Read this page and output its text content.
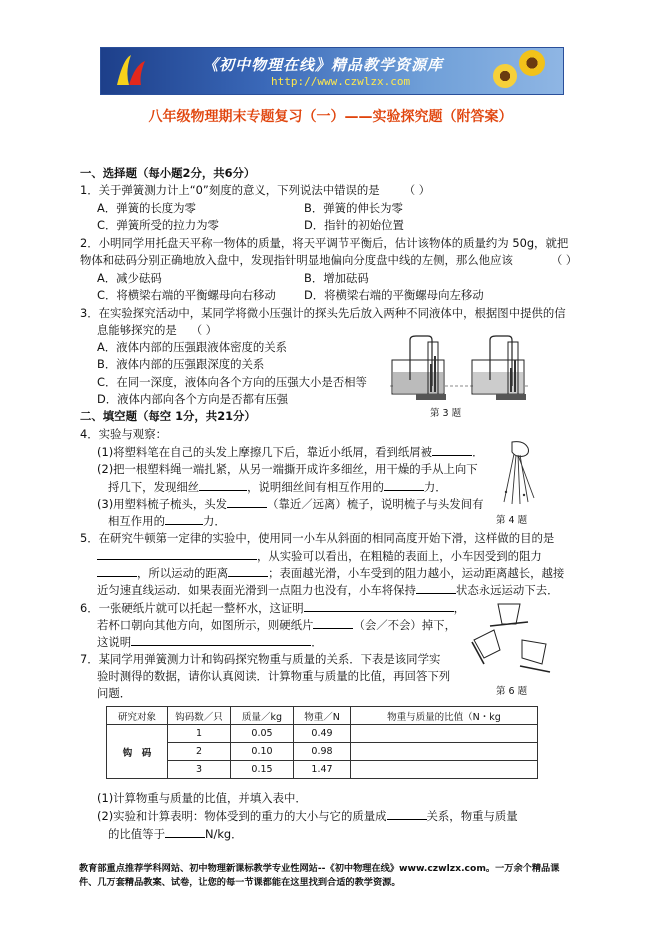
《初中物理在线》精品教学资源库
http://www.czwlzx.com
八年级物理期末专题复习（一）——实验探究题（附答案）
一、选择题（每小题2分，共6分）
1．关于弹簧测力计上“0”刻度的意义，下列说法中错误的是 （ ）
A．弹簧的长度为零	B．弹簧的伸长为零
C．弹簧所受的拉力为零	D．指针的初始位置
2．小明同学用托盘天平称一物体的质量，将天平调节平衡后，估计该物体的质量约为 50g，就把
物体和砝码分别正确地放入盘中，发现指针明显地偏向分度盘中线的左侧，那么他应该	（ ）
A．减少砝码	B．增加砝码
C．将横梁右端的平衡螺母向右移动 D．将横梁右端的平衡螺母向左移动
3．在实验探究活动中，某同学将微小压强计的探头先后放入两种不同液体中，根据图中提供的信
息能够探究的是 （ ）
A．液体内部的压强跟液体密度的关系
B．液体内部的压强跟深度的关系
C．在同一深度，液体向各个方向的压强大小是否相等
D．液体内部向各个方向是否都有压强
第 3 题
二、填空题（每空 1分，共21分）
4．实验与观察：
(1)将塑料笔在自己的头发上摩擦几下后，靠近小纸屑，看到纸屑被	．
(2)把一根塑料绳一端扎紧，从另一端撕开成许多细丝，用干燥的手从上向下
捋几下，发现细丝	，说明细丝间有相互作用的	力．
(3)用塑料梳子梳头，头发	（靠近／远离）梳子，说明梳子与头发间有
相互作用的	力．	第 4 题
5．在研究牛顿第一定律的实验中，使用同一小车从斜面的相同高度开始下滑，这样做的目的是
，从实验可以看出，在粗糙的表面上，小车因受到的阻力
，所以运动的距离	；表面越光滑，小车受到的阻力越小，运动距离越长，越接
近匀速直线运动．如果表面光滑到一点阻力也没有，小车将保持	状态永远运动下去．
6．一张硬纸片就可以托起一整杯水，这证明	，
若杯口朝向其他方向，如图所示，则硬纸片	（会／不会）掉下，
这说明	．
第 6 题
7．某同学用弹簧测力计和钩码探究物重与质量的关系．下表是该同学实
验时测得的数据，请你认真阅读．计算物重与质量的比值，再回答下列
问题．
研究对象	钩码数／只	质量／kg	物重／N	物重与质量的比值（N・kg
钩　码	1	0.05	0.49	
	2	0.10	0.98	
	3	0.15	1.47	
(1)计算物重与质量的比值，并填入表中．
(2)实验和计算表明：物体受到的重力的大小与它的质量成	关系，物重与质量
的比值等于	N/kg．
教育部重点推荐学科网站、初中物理新课标教学专业性网站--《初中物理在线》www.czwlzx.com。一万余个精品课
件、几万套精品教案、试卷，让您的每一节课都能在这里找到合适的教学资源。
